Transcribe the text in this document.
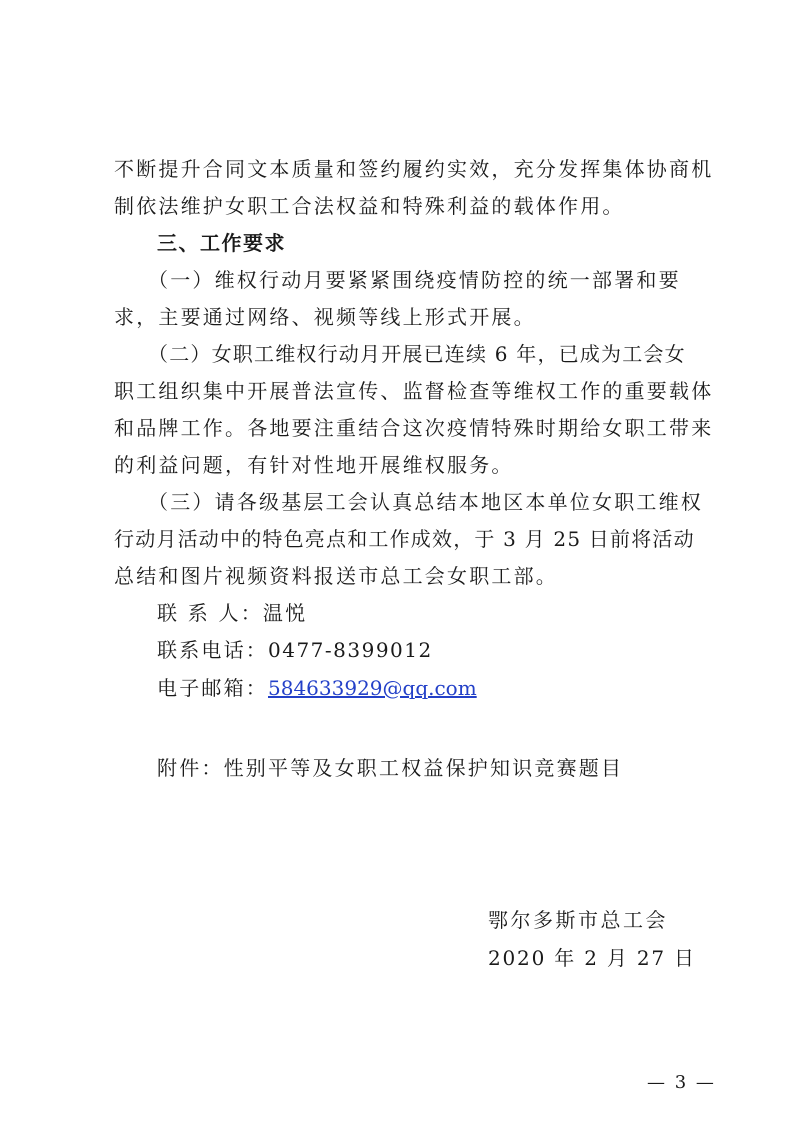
不断提升合同文本质量和签约履约实效，充分发挥集体协商机
制依法维护女职工合法权益和特殊利益的载体作用。
三、工作要求
（一）维权行动月要紧紧围绕疫情防控的统一部署和要
求，主要通过网络、视频等线上形式开展。
（二）女职工维权行动月开展已连续 6 年，已成为工会女
职工组织集中开展普法宣传、监督检查等维权工作的重要载体
和品牌工作。各地要注重结合这次疫情特殊时期给女职工带来
的利益问题，有针对性地开展维权服务。
（三）请各级基层工会认真总结本地区本单位女职工维权
行动月活动中的特色亮点和工作成效，于 3 月 25 日前将活动
总结和图片视频资料报送市总工会女职工部。
联 系 人：温悦
联系电话：0477-8399012
电子邮箱：584633929@qq.com
附件：性别平等及女职工权益保护知识竞赛题目
鄂尔多斯市总工会
2020 年 2 月 27 日
— 3 —
